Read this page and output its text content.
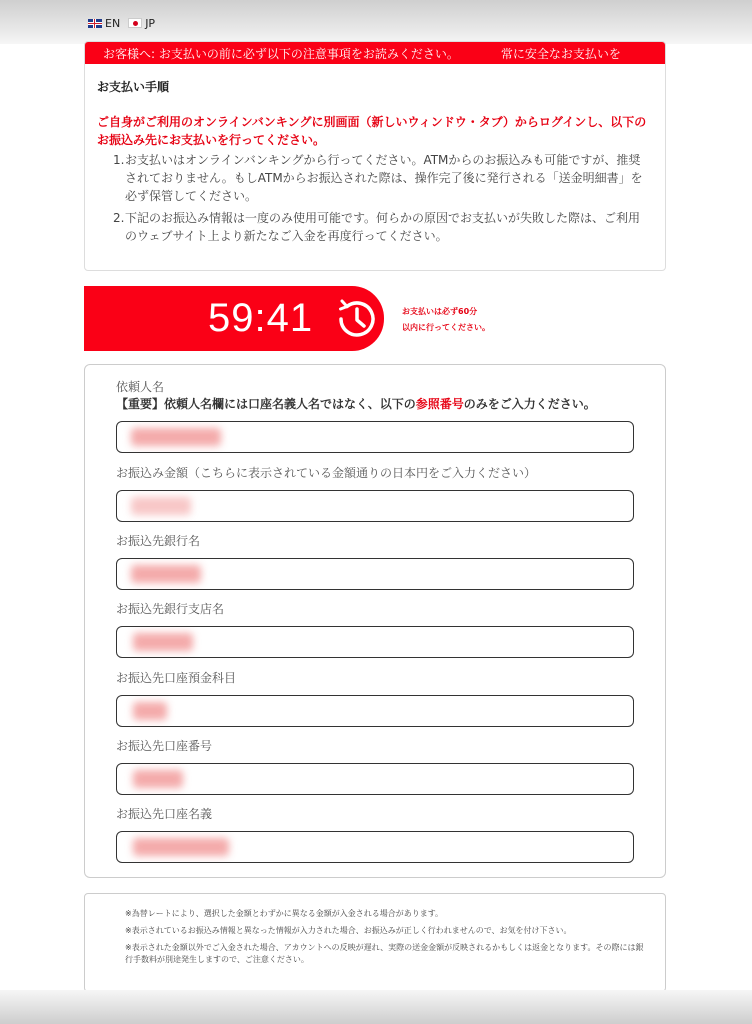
EN JP
お客様へ: お支払いの前に必ず以下の注意事項をお読みください。	常に安全なお支払いを
お支払い手順
ご自身がご利用のオンラインバンキングに別画面（新しいウィンドウ・タブ）からログインし、以下のお振込み先にお支払いを行ってください。
1. お支払いはオンラインバンキングから行ってください。ATMからのお振込みも可能ですが、推奨されておりません。もしATMからお振込された際は、操作完了後に発行される「送金明細書」を必ず保管してください。
2. 下記のお振込み情報は一度のみ使用可能です。何らかの原因でお支払いが失敗した際は、ご利用のウェブサイト上より新たなご入金を再度行ってください。
59:41	お支払いは必ず60分
以内に行ってください。
依頼人名
【重要】依頼人名欄には口座名義人名ではなく、以下の参照番号のみをご入力ください。
お振込み金額（こちらに表示されている金額通りの日本円をご入力ください）
お振込先銀行名
お振込先銀行支店名
お振込先口座預金科目
お振込先口座番号
お振込先口座名義
※為替レートにより、選択した金額とわずかに異なる金額が入金される場合があります。
※表示されているお振込み情報と異なった情報が入力された場合、お振込みが正しく行われませんので、お気を付け下さい。
※表示された金額以外でご入金された場合、アカウントへの反映が遅れ、実際の送金金額が反映されるかもしくは返金となります。その際には銀行手数料が別途発生しますので、ご注意ください。
